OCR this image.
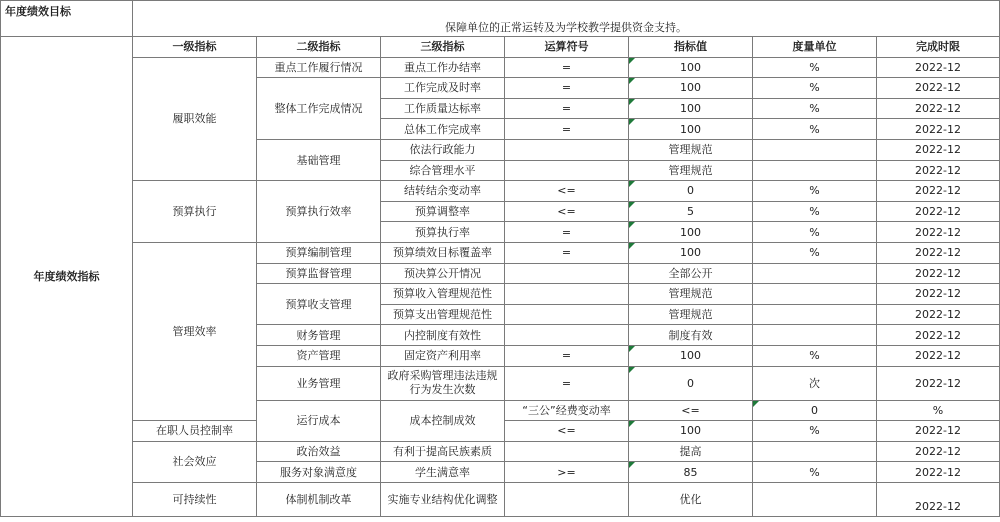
年度绩效目标	保障单位的正常运转及为学校教学提供资金支持。							
年度绩效指标	一级指标	二级指标	三级指标	运算符号	指标值	度量单位	完成时限	
	履职效能	重点工作履行情况	重点工作办结率	=	100	%	2022-12	
		整体工作完成情况	工作完成及时率	=	100	%	2022-12	
			工作质量达标率	=	100	%	2022-12	
			总体工作完成率	=	100	%	2022-12	
		基础管理	依法行政能力		管理规范		2022-12	
			综合管理水平		管理规范		2022-12	
	预算执行	预算执行效率	结转结余变动率	<=	0	%	2022-12	
			预算调整率	<=	5	%	2022-12	
			预算执行率	=	100	%	2022-12	
	管理效率	预算编制管理	预算绩效目标覆盖率	=	100	%	2022-12	
		预算监督管理	预决算公开情况		全部公开		2022-12	
		预算收支管理	预算收入管理规范性		管理规范		2022-12	
			预算支出管理规范性		管理规范		2022-12	
		财务管理	内控制度有效性		制度有效		2022-12	
		资产管理	固定资产利用率	=	100	%	2022-12	
		业务管理	政府采购管理违法违规行为发生次数	=	0	次	2022-12	
		运行成本	成本控制成效	“三公”经费变动率	<=	0	%	
	在职人员控制率			<=	100	%	2022-12	
	社会效应	政治效益	有利于提高民族素质		提高		2022-12	
		服务对象满意度	学生满意率	>=	85	%	2022-12	
	可持续性	体制机制改革	实施专业结构优化调整		优化		2022-12	
